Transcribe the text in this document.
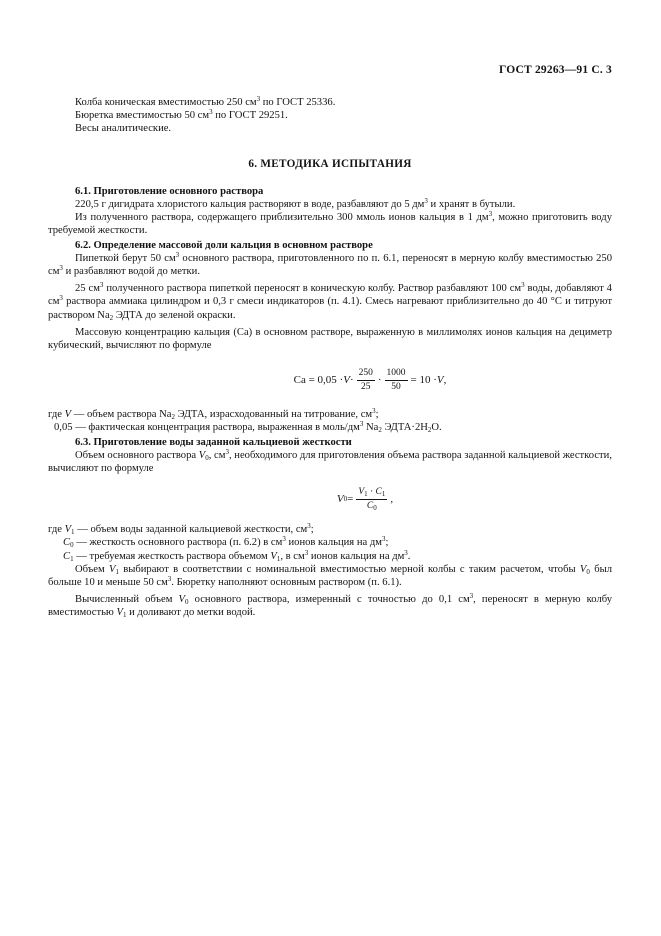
ГОСТ 29263—91 С. 3
Колба коническая вместимостью 250 $см^3$ по ГОСТ 25336.
Бюретка вместимостью 50 $см^3$ по ГОСТ 29251.
Весы аналитические.
6. МЕТОДИКА ИСПЫТАНИЯ
6.1. Приготовление основного раствора

220,5 г дигидрата хлористого кальция растворяют в воде, разбавляют до 5 $дм^3$ и хранят в бутыли.

Из полученного раствора, содержащего приблизительно 300 ммоль ионов кальция в 1 $дм^3$, можно приготовить воду требуемой жесткости.

6.2. Определение массовой доли кальция в основном растворе

Пипеткой берут 50 $см^3$ основного раствора, приготовленного по п. 6.1, переносят в мерную колбу вместимостью 250 $см^3$ и разбавляют водой до метки.

25 $см^3$ полученного раствора пипеткой переносят в коническую колбу. Раствор разбавляют 100 $см^3$ воды, добавляют 4 $см^3$ раствора аммиака цилиндром и 0,3 г смеси индикаторов (п. 4.1). Смесь нагревают приблизительно до 40 °С и титруют раствором $Na_2$ ЭДТА до зеленой окраски.

Массовую концентрацию кальция (Са) в основном растворе, выраженную в миллимолях ионов кальция на дециметр кубический, вычисляют по формуле

Са = $0,05 \cdot V \cdot \frac{250}{25} \cdot \frac{1000}{50} = 10 \cdot V$ ,
где V — объем раствора $Na_2$ ЭДТА, израсходованный на титрование, $см^3$;
0,05 — фактическая концентрация раствора, выраженная в моль/$дм^3$ $Na_2$ $ЭДТА\cdot 2H_2O$.
6.3. Приготовление воды заданной кальциевой жесткости

Объем основного раствора $V_0$, $см^3$, необходимого для приготовления объема раствора заданной кальциевой жесткости, вычисляют по формуле

V $0 = \frac{V_1 \cdot C_1}{C_0}$ ,
где $V_1$ — объем воды заданной кальциевой жесткости, $см^3$;
$C_0$ — жесткость основного раствора (п. 6.2) в $см^3$ ионов кальция на $дм^3$;
$C_1$ — требуемая жесткость раствора объемом $V_1$, в $см^3$ ионов кальция на $дм^3$.

Объем $V_1$ выбирают в соответствии с номинальной вместимостью мерной колбы с таким расчетом, чтобы $V_0$ был больше 10 и меньше 50 $см^3$. Бюретку наполняют основным раствором (п. 6.1).

Вычисленный объем $V_0$ основного раствора, измеренный с точностью до 0,1 $см^3$, переносят в мерную колбу вместимостью $V_1$ и доливают до метки водой.
